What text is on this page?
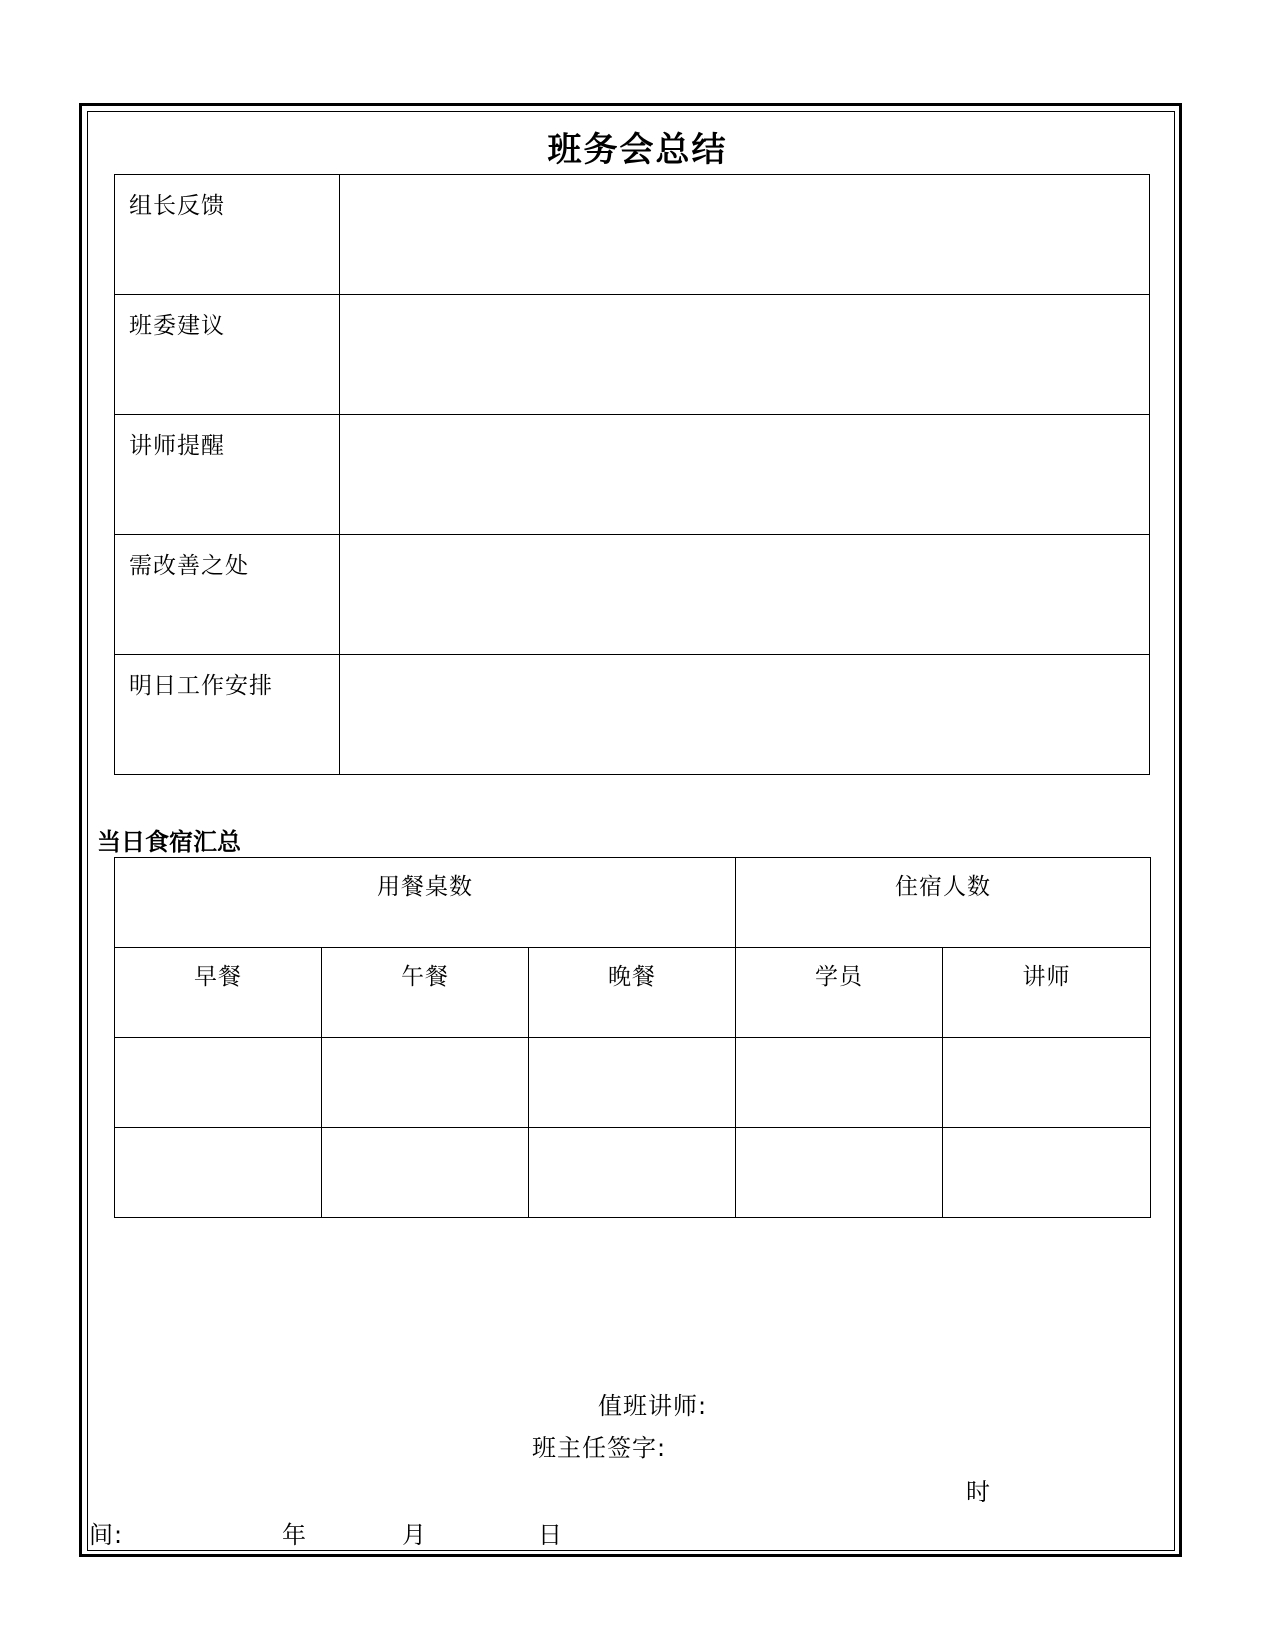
班务会总结
组长反馈	
班委建议	
讲师提醒	
需改善之处	
明日工作安排	
当日食宿汇总
用餐桌数			住宿人数	
早餐	午餐	晚餐	学员	讲师

值班讲师:
班主任签字:
时
间:	年	月	日
